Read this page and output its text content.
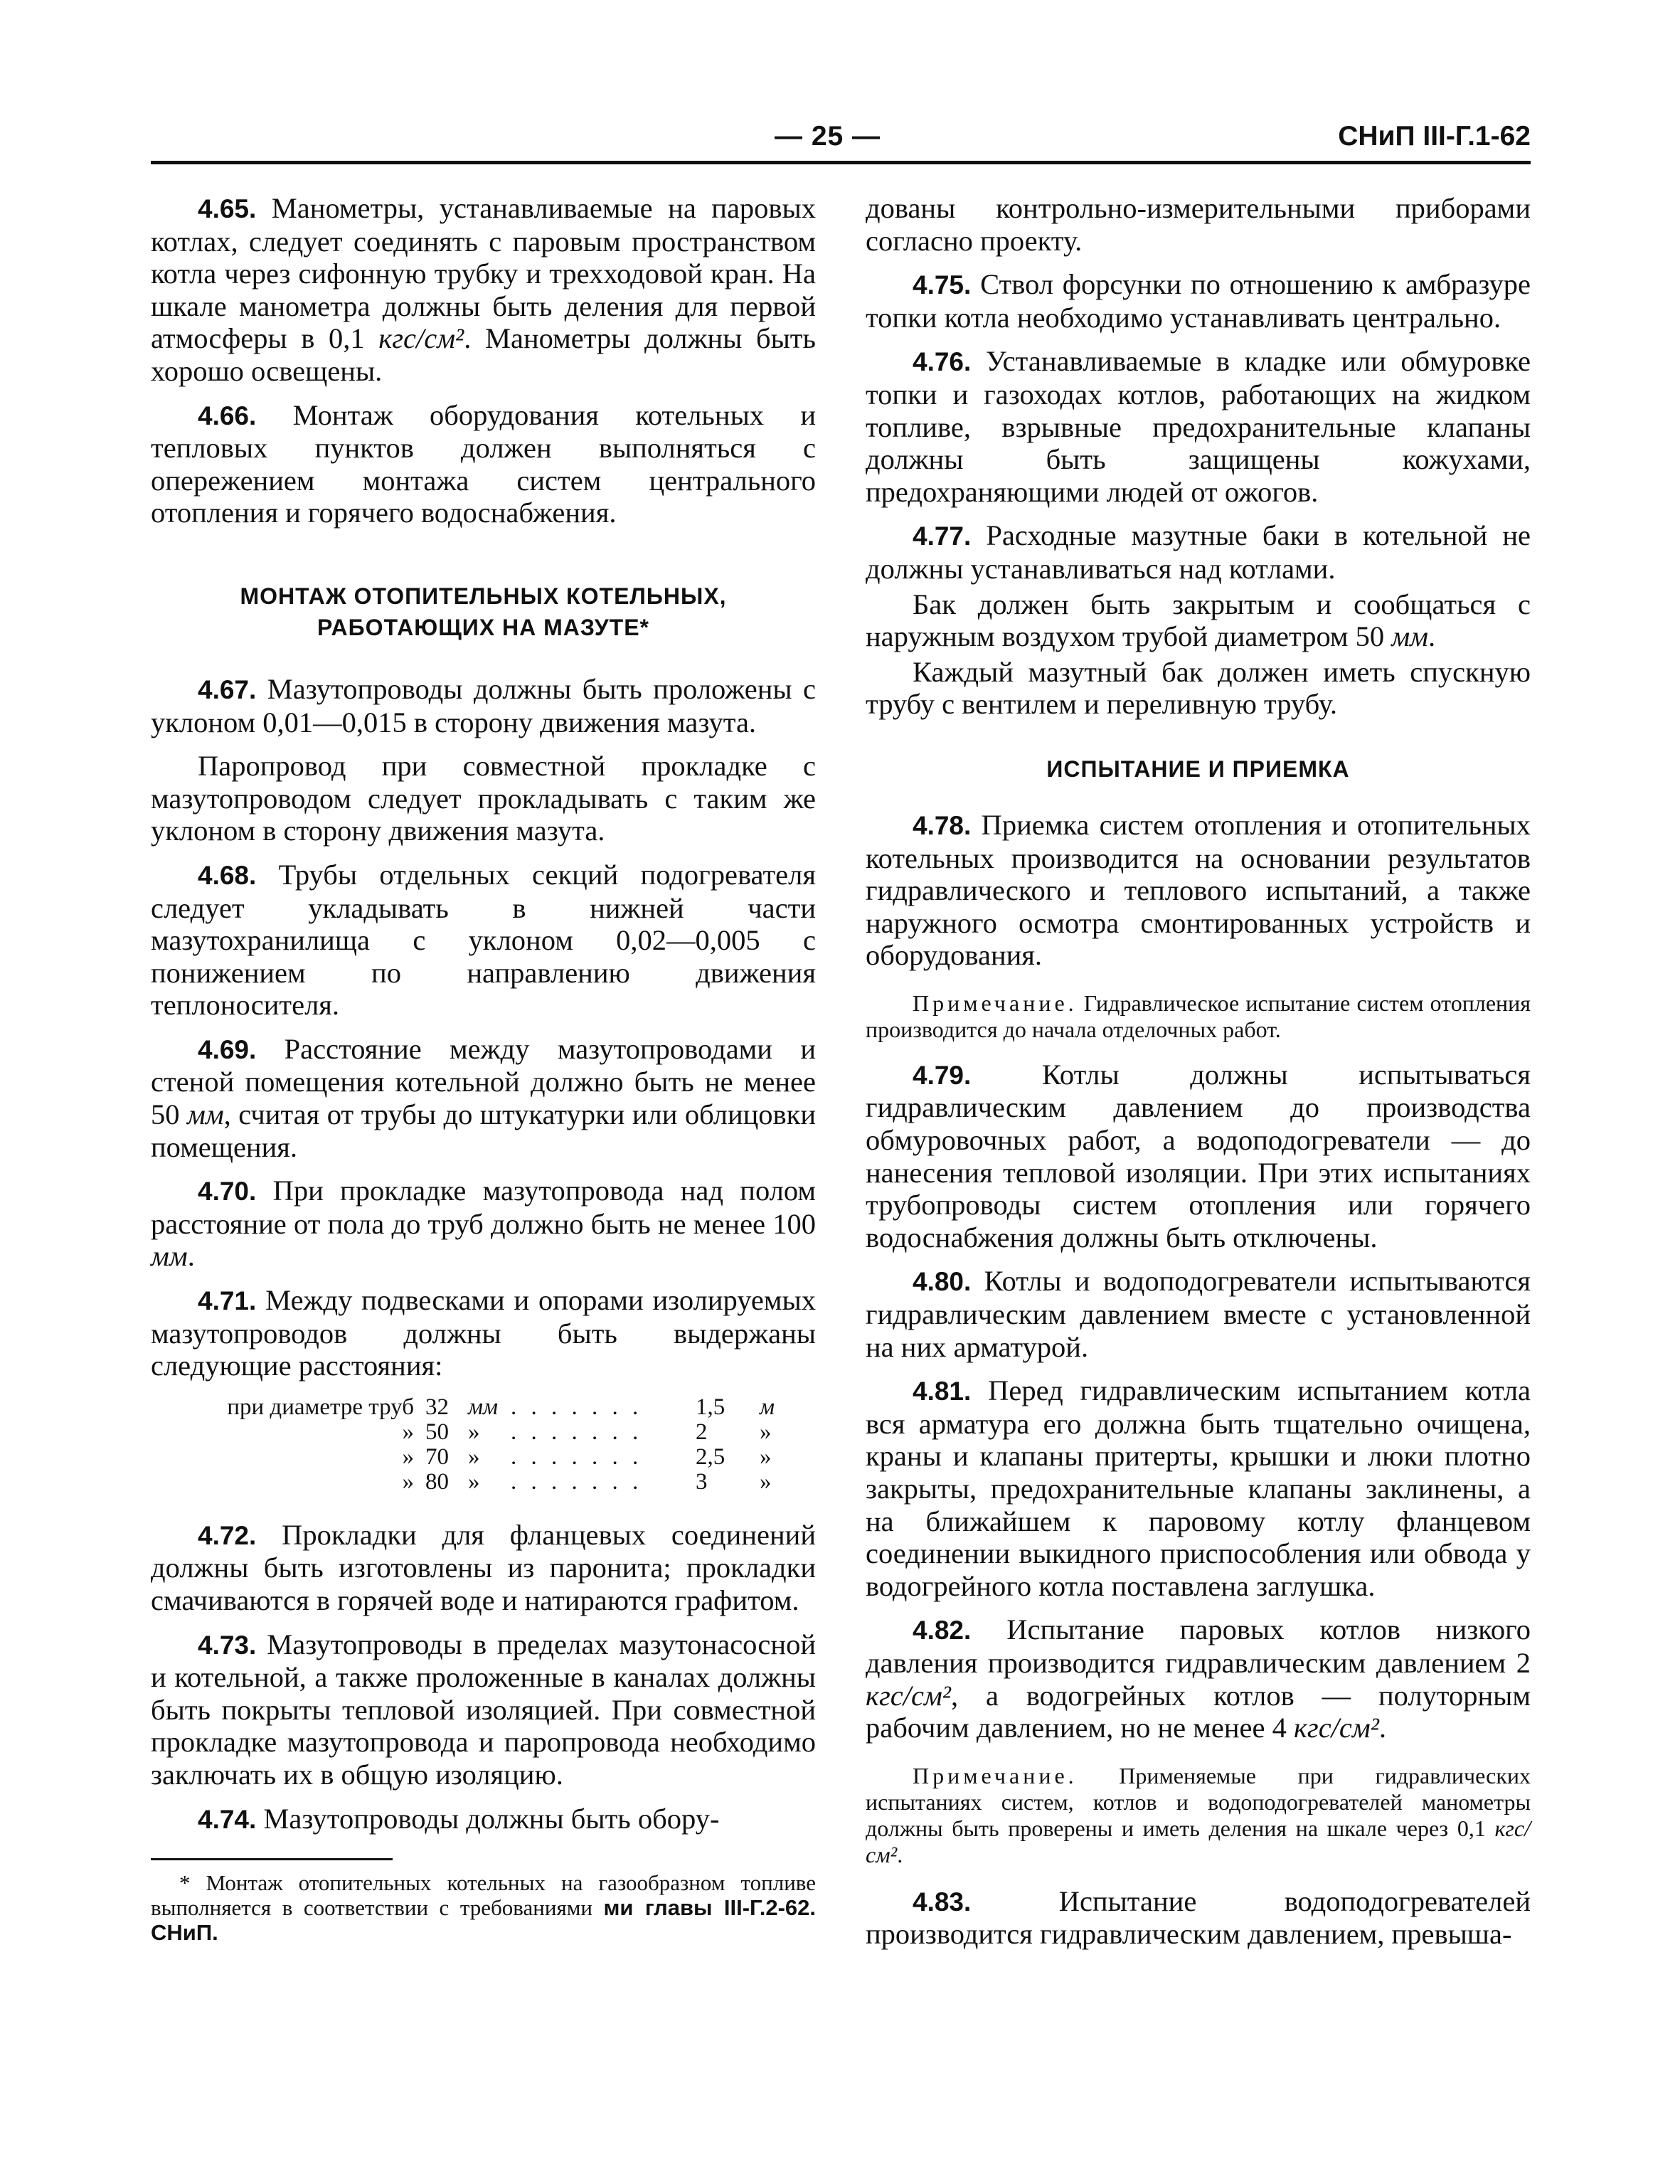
— 25 —	СНиП III-Г.1-62

4.65. Манометры, устанавливаемые на паровых котлах, следует соединять с паровым пространством котла через сифонную трубку и трехходовой кран. На шкале манометра должны быть деления для первой атмосферы в 0,1 кгс/см². Манометры должны быть хорошо освещены.

4.66. Монтаж оборудования котельных и тепловых пунктов должен выполняться с опережением монтажа систем центрального отопления и горячего водоснабжения.

МОНТАЖ ОТОПИТЕЛЬНЫХ КОТЕЛЬНЫХ,
РАБОТАЮЩИХ НА МАЗУТЕ*

4.67. Мазутопроводы должны быть проложены с уклоном 0,01—0,015 в сторону движения мазута.

Паропровод при совместной прокладке с мазутопроводом следует прокладывать с таким же уклоном в сторону движения мазута.

4.68. Трубы отдельных секций подогревателя следует укладывать в нижней части мазутохранилища с уклоном 0,02—0,005 с понижением по направлению движения теплоносителя.

4.69. Расстояние между мазутопроводами и стеной помещения котельной должно быть не менее 50 мм, считая от трубы до штукатурки или облицовки помещения.

4.70. При прокладке мазутопровода над полом расстояние от пола до труб должно быть не менее 100 мм.

4.71. Между подвесками и опорами изолируемых мазутопроводов должны быть выдержаны следующие расстояния:

при диаметре труб	32	мм	. . . . . . .	1,5	м
»	50	»	. . . . . . .	2	»
»	70	»	. . . . . . .	2,5	»
»	80	»	. . . . . . .	3	»

4.72. Прокладки для фланцевых соединений должны быть изготовлены из паронита; прокладки смачиваются в горячей воде и натираются графитом.

4.73. Мазутопроводы в пределах мазутонасосной и котельной, а также проложенные в каналах должны быть покрыты тепловой изоляцией. При совместной прокладке мазутопровода и паропровода необходимо заключать их в общую изоляцию.

4.74. Мазутопроводы должны быть обору-

* Монтаж отопительных котельных на газообразном топливе выполняется в соответствии с требованиями ми главы III-Г.2-62. СНиП.

дованы контрольно-измерительными приборами согласно проекту.

4.75. Ствол форсунки по отношению к амбразуре топки котла необходимо устанавливать центрально.

4.76. Устанавливаемые в кладке или обмуровке топки и газоходах котлов, работающих на жидком топливе, взрывные предохранительные клапаны должны быть защищены кожухами, предохраняющими людей от ожогов.

4.77. Расходные мазутные баки в котельной не должны устанавливаться над котлами.

Бак должен быть закрытым и сообщаться с наружным воздухом трубой диаметром 50 мм.

Каждый мазутный бак должен иметь спускную трубу с вентилем и переливную трубу.

ИСПЫТАНИЕ И ПРИЕМКА

4.78. Приемка систем отопления и отопительных котельных производится на основании результатов гидравлического и теплового испытаний, а также наружного осмотра смонтированных устройств и оборудования.

Примечание. Гидравлическое испытание систем отопления производится до начала отделочных работ.

4.79. Котлы должны испытываться гидравлическим давлением до производства обмуровочных работ, а водоподогреватели — до нанесения тепловой изоляции. При этих испытаниях трубопроводы систем отопления или горячего водоснабжения должны быть отключены.

4.80. Котлы и водоподогреватели испытываются гидравлическим давлением вместе с установленной на них арматурой.

4.81. Перед гидравлическим испытанием котла вся арматура его должна быть тщательно очищена, краны и клапаны притерты, крышки и люки плотно закрыты, предохранительные клапаны заклинены, а на ближайшем к паровому котлу фланцевом соединении выкидного приспособления или обвода у водогрейного котла поставлена заглушка.

4.82. Испытание паровых котлов низкого давления производится гидравлическим давлением 2 кгс/см², а водогрейных котлов — полуторным рабочим давлением, но не менее 4 кгс/см².

Примечание. Применяемые при гидравлических испытаниях систем, котлов и водоподогревателей манометры должны быть проверены и иметь деления на шкале через 0,1 кгс/см².

4.83.	Испытание водоподогревателей производится гидравлическим давлением, превыша-
